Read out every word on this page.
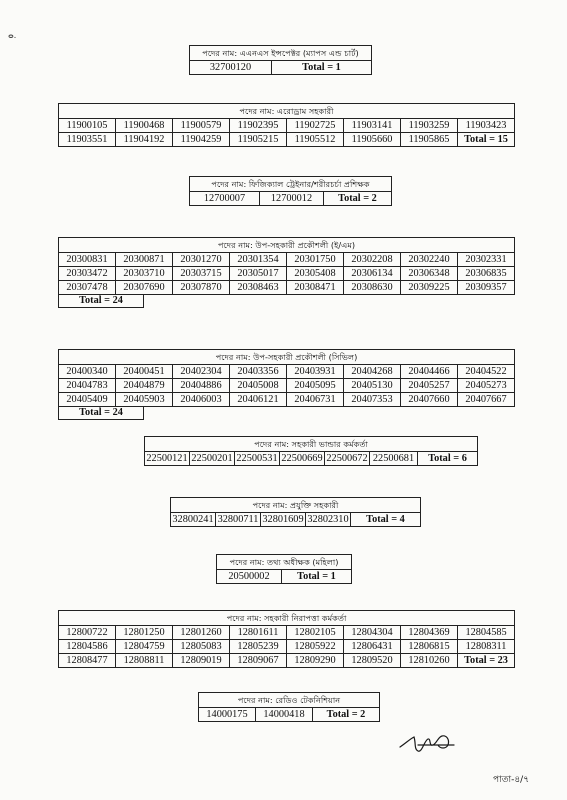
ⴰ.
পদের নাম: এএনএস ইন্সপেক্টর (ম্যাপস এন্ড চার্ট)
32700120	Total = 1
পদের নাম: এরোড্রাম সহকারী							
11900105	11900468	11900579	11902395	11902725	11903141	11903259	11903423
11903551	11904192	11904259	11905215	11905512	11905660	11905865	Total = 15
পদের নাম: ফিজিক্যাল ট্রেইনার/শরীরচর্চা প্রশিক্ষক
12700007	12700012	Total = 2
পদের নাম: উপ-সহকারী প্রকৌশলী (ই/এম)							
20300831	20300871	20301270	20301354	20301750	20302208	20302240	20302331
20303472	20303710	20303715	20305017	20305408	20306134	20306348	20306835
20307478	20307690	20307870	20308463	20308471	20308630	20309225	20309357
Total = 24
পদের নাম: উপ-সহকারী প্রকৌশলী (সিভিল)							
20400340	20400451	20402304	20403356	20403931	20404268	20404466	20404522
20404783	20404879	20404886	20405008	20405095	20405130	20405257	20405273
20405409	20405903	20406003	20406121	20406731	20407353	20407660	20407667
Total = 24
পদের নাম: সহকারী ভান্ডার কর্মকর্তা
22500121	22500201	22500531	22500669	22500672	22500681	Total = 6
পদের নাম: প্রযুক্তি সহকারী
32800241	32800711	32801609	32802310	Total = 4
পদের নাম: তথ্য অধীক্ষক (মহিলা)
20500002	Total = 1
পদের নাম: সহকারী নিরাপত্তা কর্মকর্তা							
12800722	12801250	12801260	12801611	12802105	12804304	12804369	12804585
12804586	12804759	12805083	12805239	12805922	12806431	12806815	12808311
12808477	12808811	12809019	12809067	12809290	12809520	12810260	Total = 23
পদের নাম: রেডিও টেকনিশিয়ান
14000175	14000418	Total = 2
পাতা-৪/৭
